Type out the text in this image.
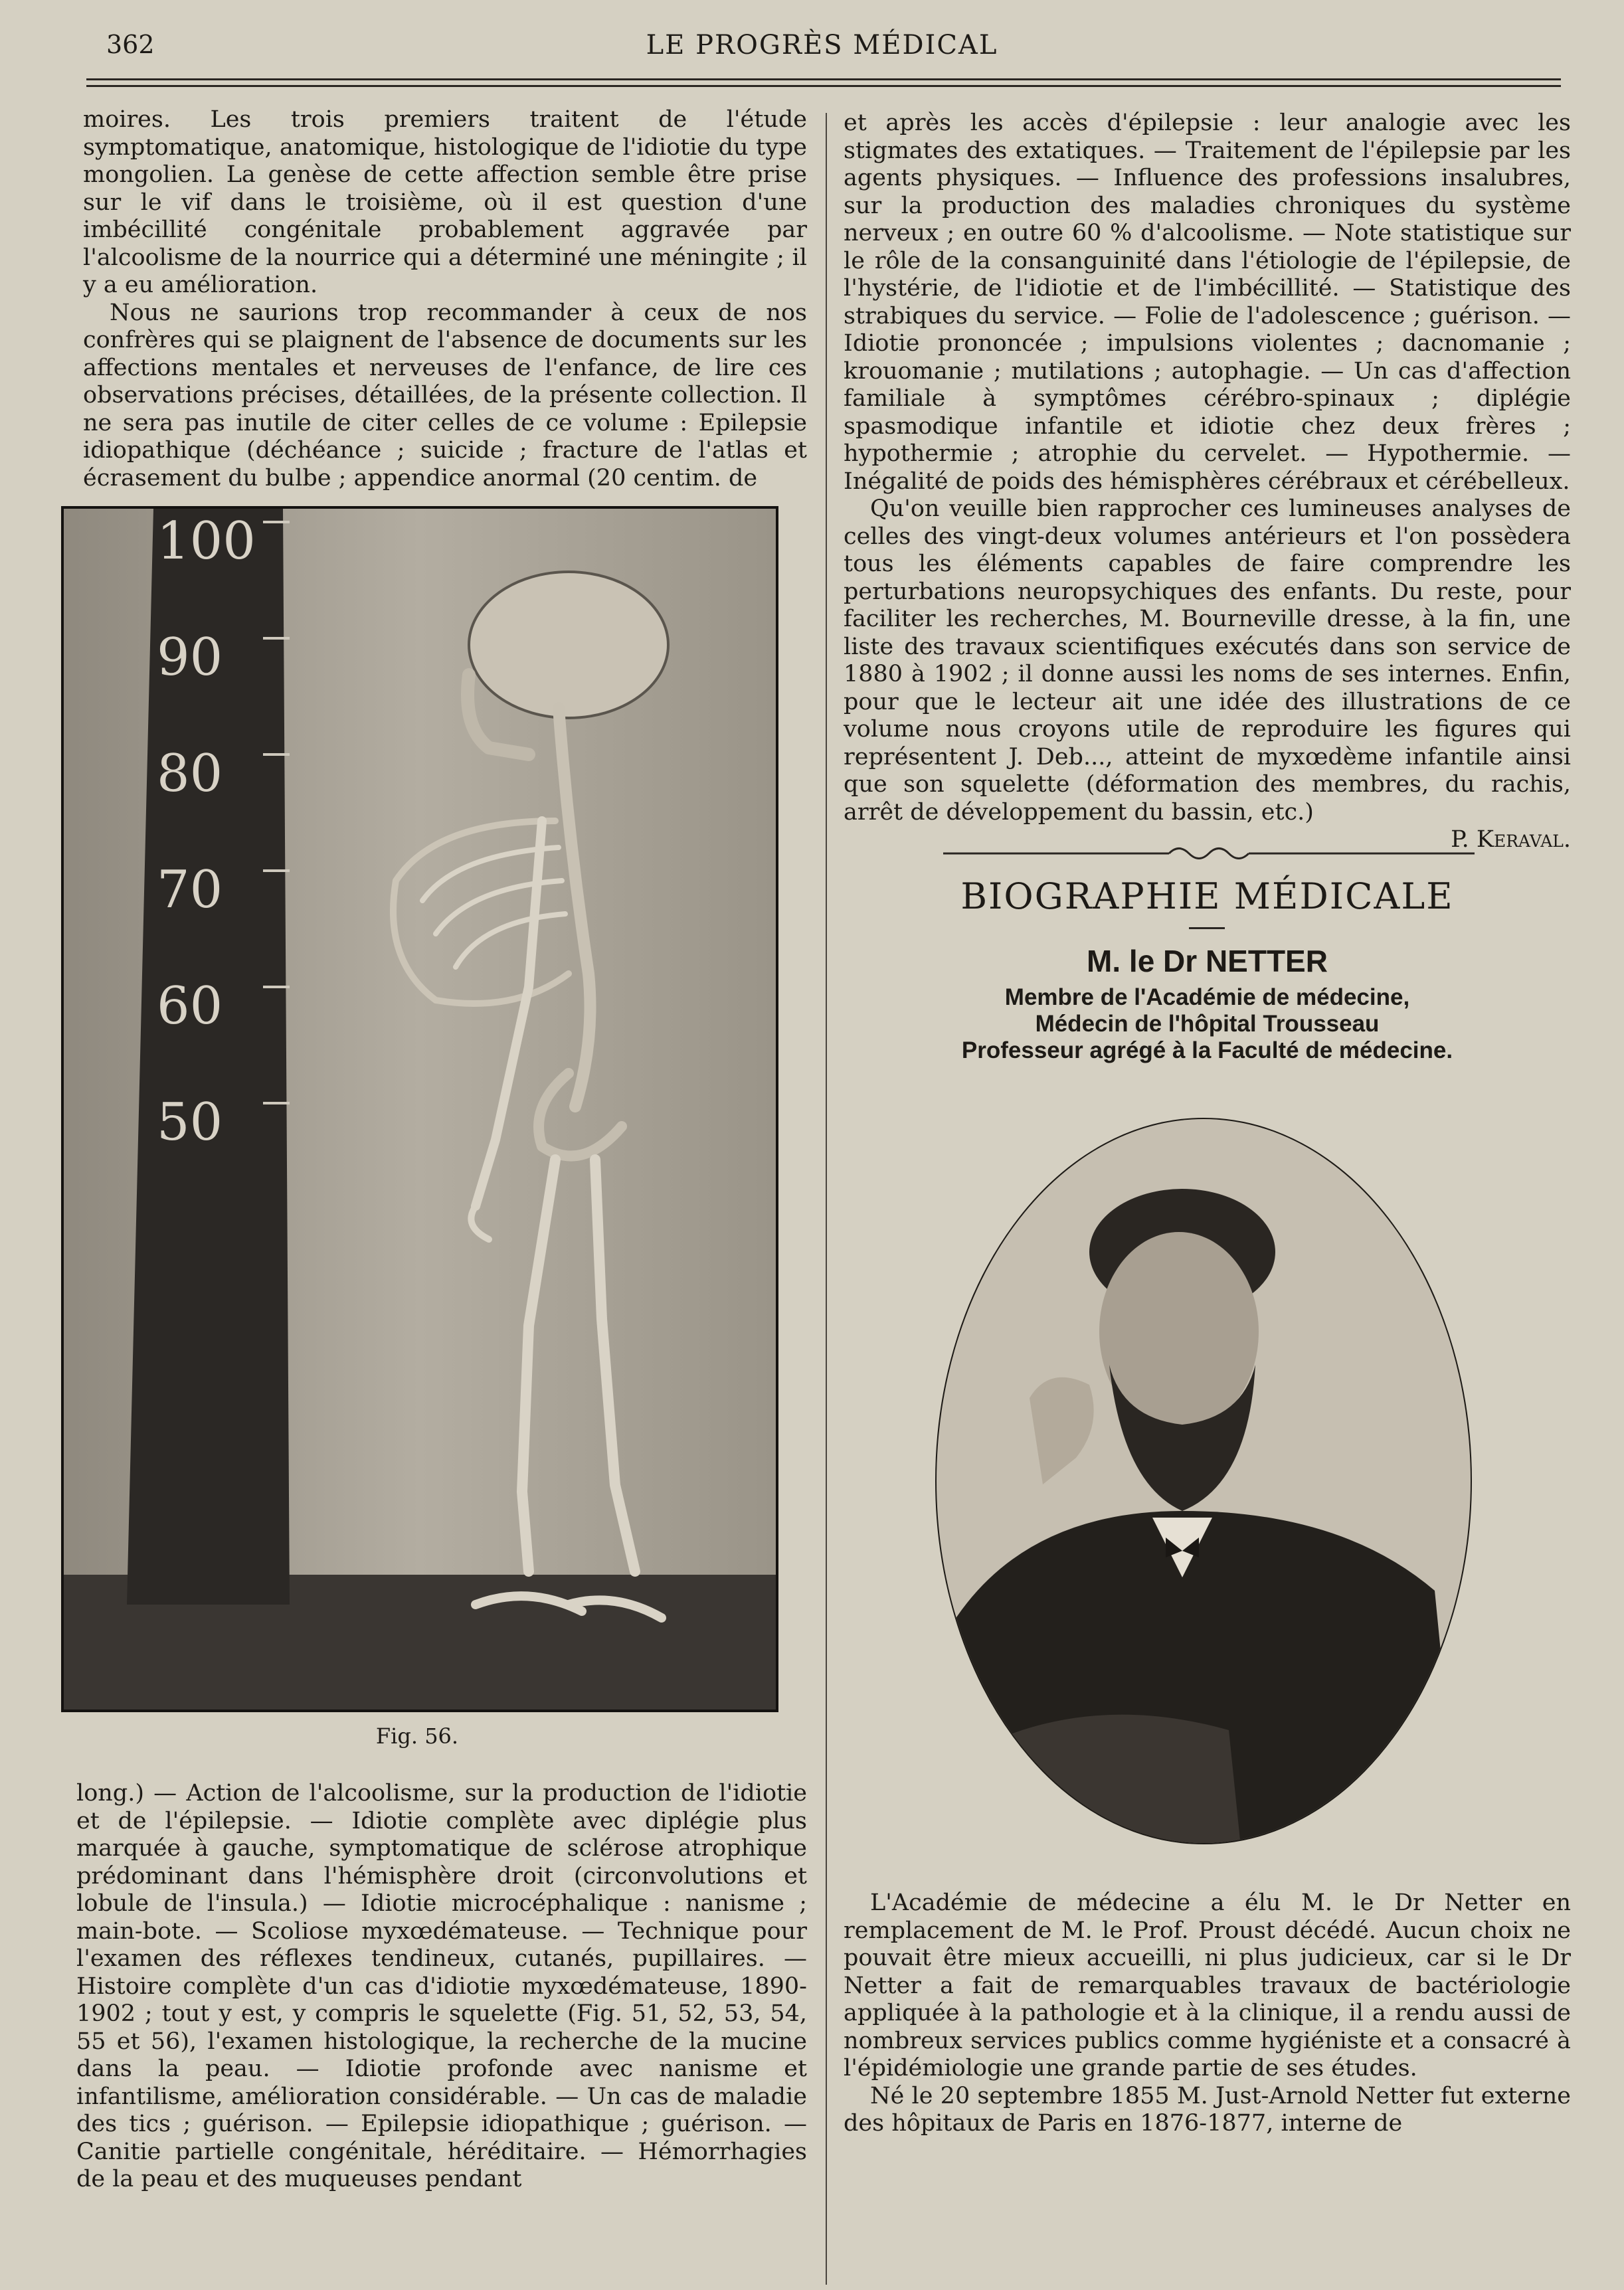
362	LE PROGRÈS MÉDICAL

moires. Les trois premiers traitent de l'étude symptomatique, anatomique, histologique de l'idiotie du type mongolien. La genèse de cette affection semble être prise sur le vif dans le troisième, où il est question d'une imbécillité congénitale probablement aggravée par l'alcoolisme de la nourrice qui a déterminé une méningite ; il y a eu amélioration.

Nous ne saurions trop recommander à ceux de nos confrères qui se plaignent de l'absence de documents sur les affections mentales et nerveuses de l'enfance, de lire ces observations précises, détaillées, de la présente collection. Il ne sera pas inutile de citer celles de ce volume : Epilepsie idiopathique (déchéance ; suicide ; fracture de l'atlas et écrasement du bulbe ; appendice anormal (20 centim. de

100
90
80
70
60
50
Fig. 56.

long.) — Action de l'alcoolisme, sur la production de l'idiotie et de l'épilepsie. — Idiotie complète avec diplégie plus marquée à gauche, symptomatique de sclérose atrophique prédominant dans l'hémisphère droit (circonvolutions et lobule de l'insula.) — Idiotie microcéphalique : nanisme ; main-bote. — Scoliose myxœdémateuse. — Technique pour l'examen des réflexes tendineux, cutanés, pupillaires. — Histoire complète d'un cas d'idiotie myxœdémateuse, 1890-1902 ; tout y est, y compris le squelette (Fig. 51, 52, 53, 54, 55 et 56), l'examen histologique, la recherche de la mucine dans la peau. — Idiotie profonde avec nanisme et infantilisme, amélioration considérable. — Un cas de maladie des tics ; guérison. — Epilepsie idiopathique ; guérison. — Canitie partielle congénitale, héréditaire. — Hémorrhagies de la peau et des muqueuses pendant

et après les accès d'épilepsie : leur analogie avec les stigmates des extatiques. — Traitement de l'épilepsie par les agents physiques. — Influence des professions insalubres, sur la production des maladies chroniques du système nerveux ; en outre 60 % d'alcoolisme. — Note statistique sur le rôle de la consanguinité dans l'étiologie de l'épilepsie, de l'hystérie, de l'idiotie et de l'imbécillité. — Statistique des strabiques du service. — Folie de l'adolescence ; guérison. — Idiotie prononcée ; impulsions violentes ; dacnomanie ; krouomanie ; mutilations ; autophagie. — Un cas d'affection familiale à symptômes cérébro-spinaux ; diplégie spasmodique infantile et idiotie chez deux frères ; hypothermie ; atrophie du cervelet. — Hypothermie. — Inégalité de poids des hémisphères cérébraux et cérébelleux.

Qu'on veuille bien rapprocher ces lumineuses analyses de celles des vingt-deux volumes antérieurs et l'on possèdera tous les éléments capables de faire comprendre les perturbations neuropsychiques des enfants. Du reste, pour faciliter les recherches, M. Bourneville dresse, à la fin, une liste des travaux scientifiques exécutés dans son service de 1880 à 1902 ; il donne aussi les noms de ses internes. Enfin, pour que le lecteur ait une idée des illustrations de ce volume nous croyons utile de reproduire les figures qui représentent J. Deb..., atteint de myxœdème infantile ainsi que son squelette (déformation des membres, du rachis, arrêt de développement du bassin, etc.)

P. Keraval.

BIOGRAPHIE MÉDICALE
M. le Dr NETTER
Membre de l'Académie de médecine,
Médecin de l'hôpital Trousseau
Professeur agrégé à la Faculté de médecine.

L'Académie de médecine a élu M. le Dr Netter en remplacement de M. le Prof. Proust décédé. Aucun choix ne pouvait être mieux accueilli, ni plus judicieux, car si le Dr Netter a fait de remarquables travaux de bactériologie appliquée à la pathologie et à la clinique, il a rendu aussi de nombreux services publics comme hygiéniste et a consacré à l'épidémiologie une grande partie de ses études.

Né le 20 septembre 1855 M. Just-Arnold Netter fut externe des hôpitaux de Paris en 1876-1877, interne de
